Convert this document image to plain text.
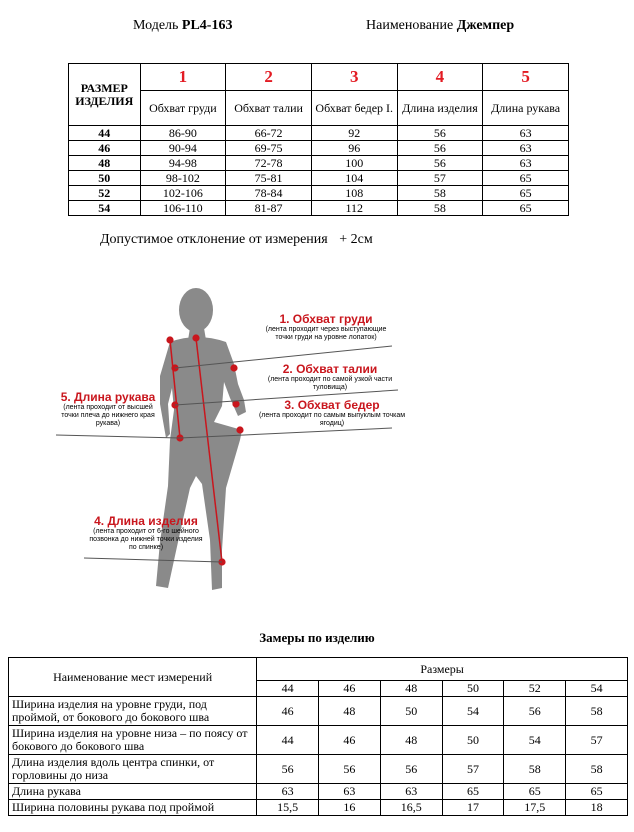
Модель PL4-163	Наименование Джемпер
РАЗМЕР ИЗДЕЛИЯ	1	2	3	4	5
	Обхват груди	Обхват талии	Обхват бедер I.	Длина изделия	Длина рукава
44	86-90	66-72	92	56	63
46	90-94	69-75	96	56	63
48	94-98	72-78	100	56	63
50	98-102	75-81	104	57	65
52	102-106	78-84	108	58	65
54	106-110	81-87	112	58	65
Допустимое отклонение от измерения + 2см
1. Обхват груди
(лента проходит через выступающие точки груди на уровне лопаток)
2. Обхват талии
(лента проходит по самой узкой части туловища)
3. Обхват бедер
(лента проходит по самым выпуклым точкам ягодиц)
5. Длина рукава
(лента проходит от высшей точки плеча до нижнего края рукава)
4. Длина изделия
(лента проходит от 6-го шейного позвонка до нижней точки изделия по спинке)
Замеры по изделию
Наименование мест измерений	Размеры					
	44	46	48	50	52	54
Ширина изделия на уровне груди, под проймой, от бокового до бокового шва	46	48	50	54	56	58
Ширина изделия на уровне низа – по поясу от бокового до бокового шва	44	46	48	50	54	57
Длина изделия вдоль центра спинки, от горловины до низа	56	56	56	57	58	58
Длина рукава	63	63	63	65	65	65
Ширина половины рукава под проймой	15,5	16	16,5	17	17,5	18
